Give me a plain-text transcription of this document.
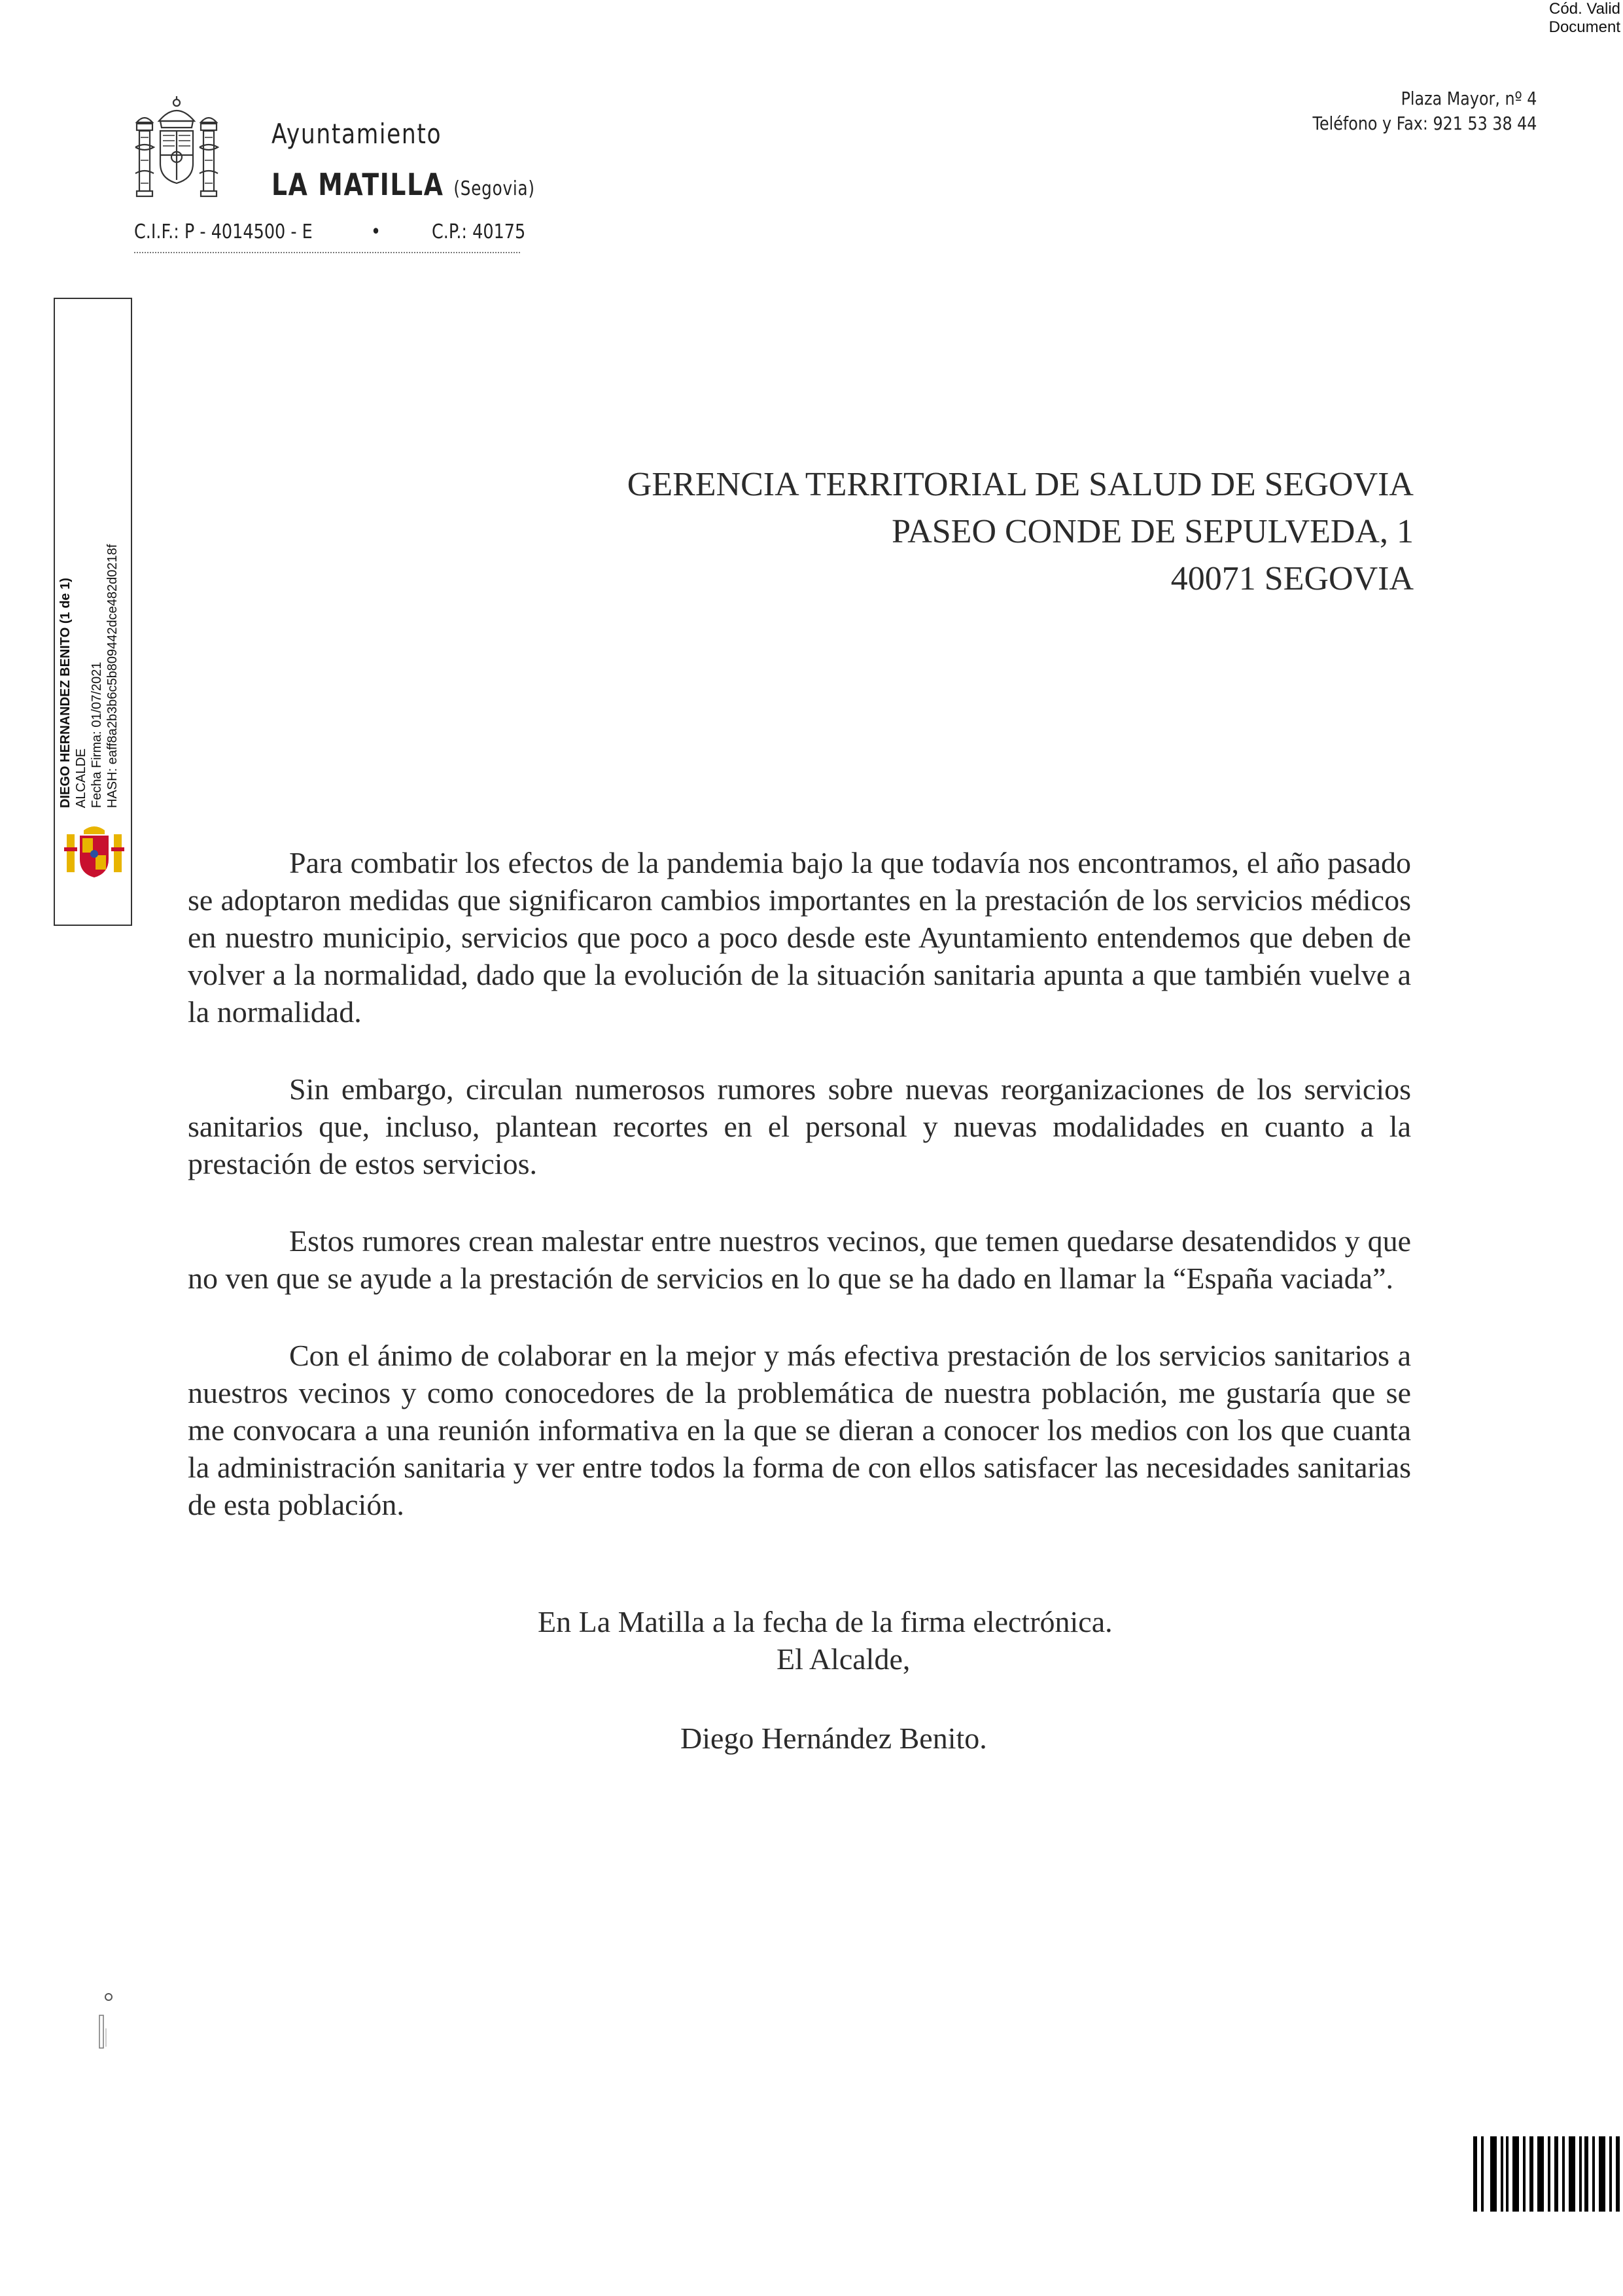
Cód. Valid
Document
Ayuntamiento
LA MATILLA (Segovia)
C.I.F.: P - 4014500 - E	•	C.P.: 40175
Plaza Mayor, nº 4
Teléfono y Fax: 921 53 38 44
DIEGO HERNANDEZ BENITO (1 de 1) ALCALDE Fecha Firma: 01/07/2021 HASH: eaff8a2b3b6c5b809442dce482d0218f
GERENCIA TERRITORIAL DE SALUD DE SEGOVIA
PASEO CONDE DE SEPULVEDA, 1
40071 SEGOVIA

Para combatir los efectos de la pandemia bajo la que todavía nos encontramos, el año pasado se adoptaron medidas que significaron cambios importantes en la prestación de los servicios médicos en nuestro municipio, servicios que poco a poco desde este Ayuntamiento entendemos que deben de volver a la normalidad, dado que la evolución de la situación sanitaria apunta a que también vuelve a la normalidad.

Sin embargo, circulan numerosos rumores sobre nuevas reorganizaciones de los servicios sanitarios que, incluso, plantean recortes en el personal y nuevas modalidades en cuanto a la prestación de estos servicios.

Estos rumores crean malestar entre nuestros vecinos, que temen quedarse desatendidos y que no ven que se ayude a la prestación de servicios en lo que se ha dado en llamar la “España vaciada”.

Con el ánimo de colaborar en la mejor y más efectiva prestación de los servicios sanitarios a nuestros vecinos y como conocedores de la problemática de nuestra población, me gustaría que se me convocara a una reunión informativa en la que se dieran a conocer los medios con los que cuanta la administración sanitaria y ver entre todos la forma de con ellos satisfacer las necesidades sanitarias de esta población.

En La Matilla a la fecha de la firma electrónica.
El Alcalde,
Diego Hernández Benito.
